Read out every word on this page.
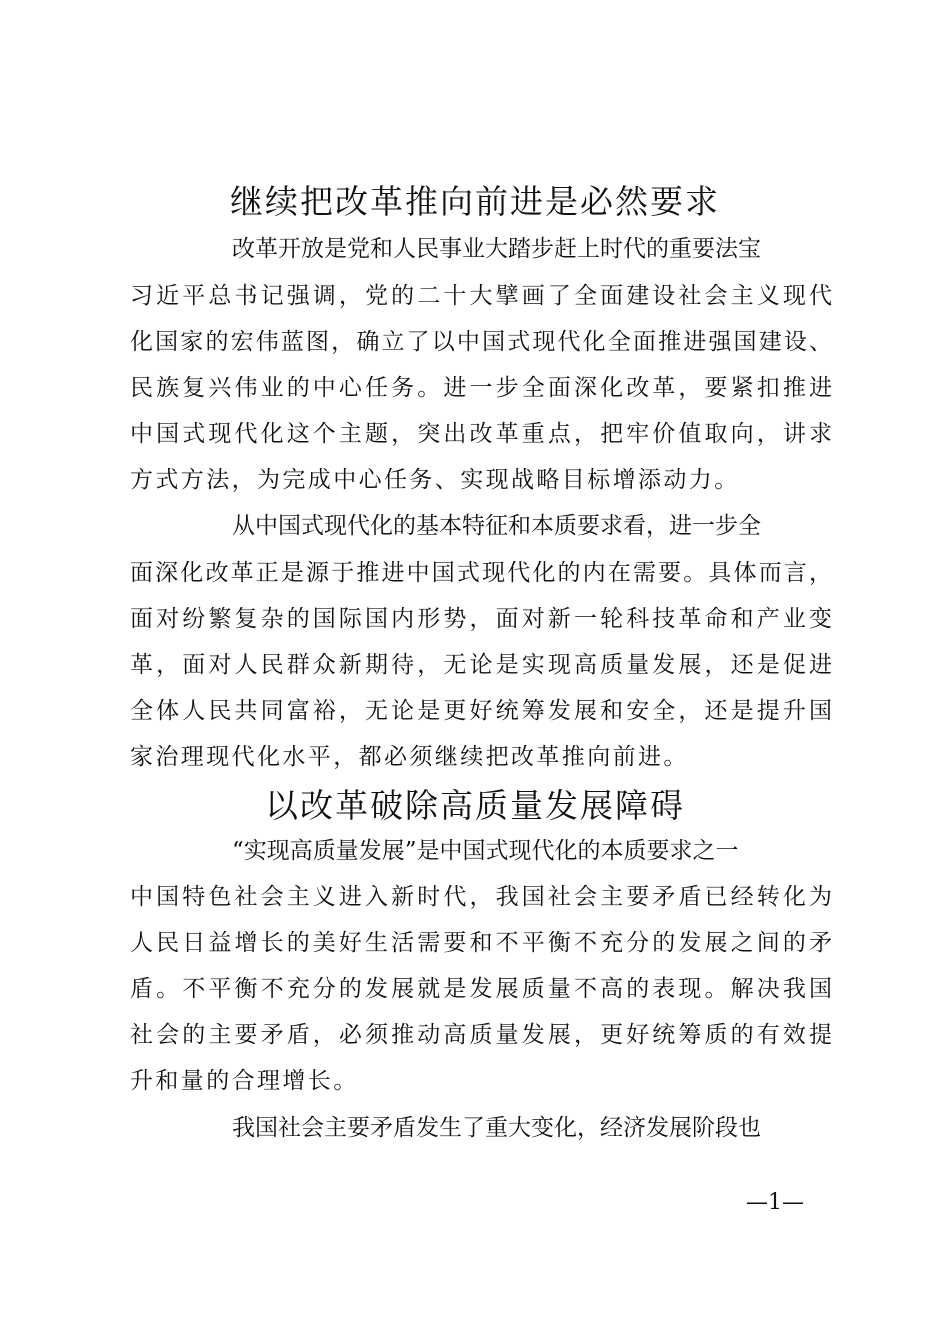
继续把改革推向前进是必然要求
改革开放是党和人民事业大踏步赶上时代的重要法宝
习近平总书记强调，党的二十大擘画了全面建设社会主义现代
化国家的宏伟蓝图，确立了以中国式现代化全面推进强国建设、
民族复兴伟业的中心任务。进一步全面深化改革，要紧扣推进
中国式现代化这个主题，突出改革重点，把牢价值取向，讲求
方式方法，为完成中心任务、实现战略目标增添动力。
从中国式现代化的基本特征和本质要求看，进一步全
面深化改革正是源于推进中国式现代化的内在需要。具体而言，
面对纷繁复杂的国际国内形势，面对新一轮科技革命和产业变
革，面对人民群众新期待，无论是实现高质量发展，还是促进
全体人民共同富裕，无论是更好统筹发展和安全，还是提升国
家治理现代化水平，都必须继续把改革推向前进。
以改革破除高质量发展障碍
“实现高质量发展”是中国式现代化的本质要求之一
中国特色社会主义进入新时代，我国社会主要矛盾已经转化为
人民日益增长的美好生活需要和不平衡不充分的发展之间的矛
盾。不平衡不充分的发展就是发展质量不高的表现。解决我国
社会的主要矛盾，必须推动高质量发展，更好统筹质的有效提
升和量的合理增长。
我国社会主要矛盾发生了重大变化，经济发展阶段也
—1—
